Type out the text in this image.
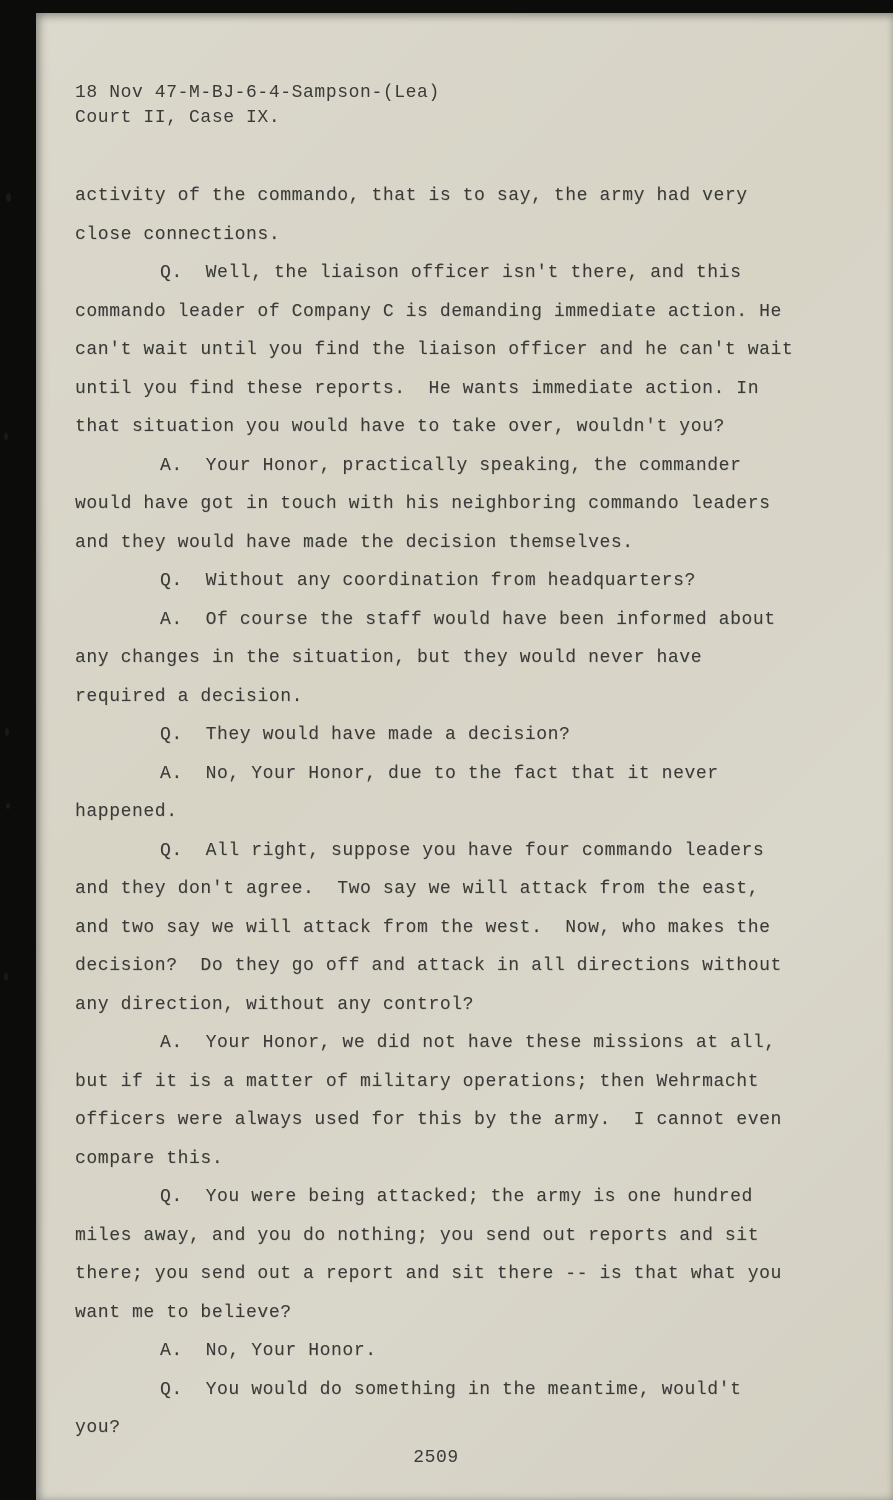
18 Nov 47-M-BJ-6-4-Sampson-(Lea)
Court II, Case IX.

activity of the commando, that is to say, the army had very close connections.

Q.  Well, the liaison officer isn't there, and this commando leader of Company C is demanding immediate action. He can't wait until you find the liaison officer and he can't wait until you find these reports.  He wants immediate action. In that situation you would have to take over, wouldn't you?

A.  Your Honor, practically speaking, the commander would have got in touch with his neighboring commando leaders and they would have made the decision themselves.

Q.  Without any coordination from headquarters?

A.  Of course the staff would have been informed about any changes in the situation, but they would never have required a decision.

Q.  They would have made a decision?

A.  No, Your Honor, due to the fact that it never happened.

Q.  All right, suppose you have four commando leaders and they don't agree.  Two say we will attack from the east, and two say we will attack from the west.  Now, who makes the decision?  Do they go off and attack in all directions without any direction, without any control?

A.  Your Honor, we did not have these missions at all, but if it is a matter of military operations; then Wehrmacht officers were always used for this by the army.  I cannot even compare this.

Q.  You were being attacked; the army is one hundred miles away, and you do nothing; you send out reports and sit there; you send out a report and sit there -- is that what you want me to believe?

A.  No, Your Honor.

Q.  You would do something in the meantime, would't you?

2509
